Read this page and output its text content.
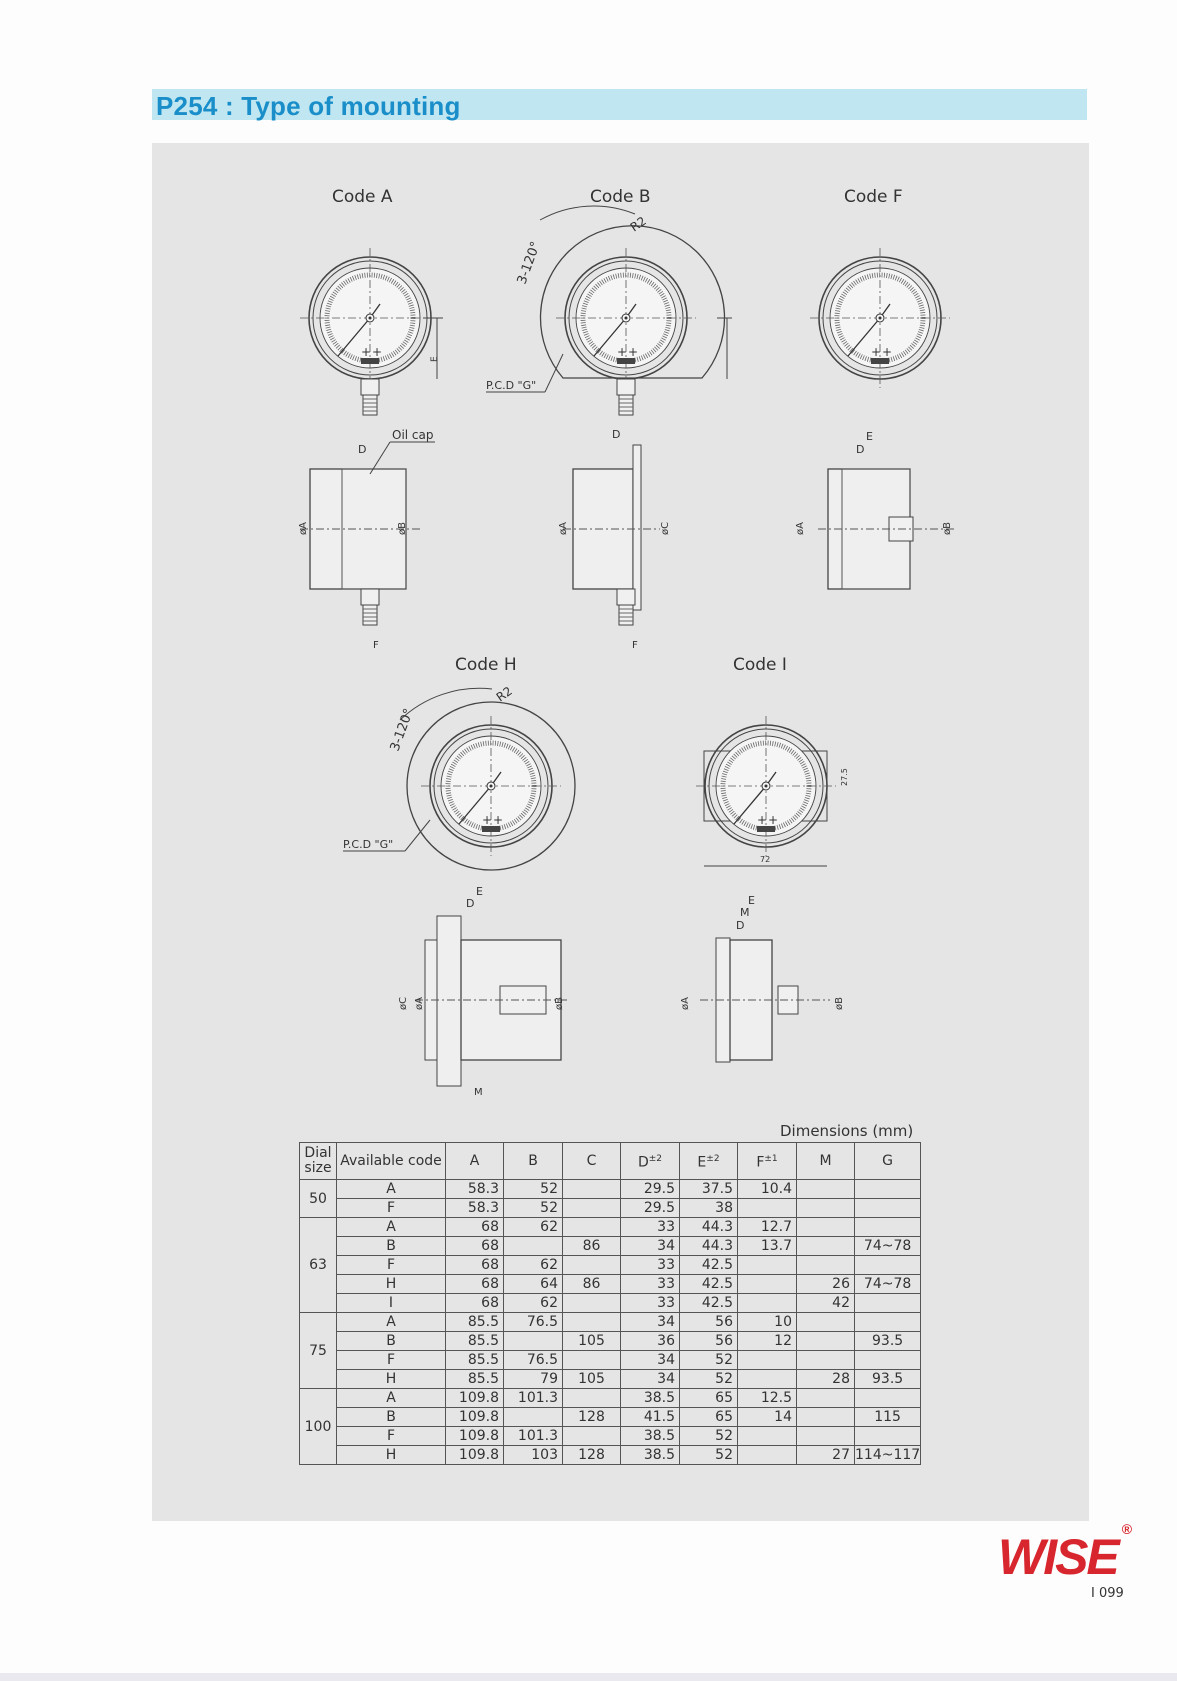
P254 : Type of mounting
+
Code A	Code B	Code F
Code H	Code I
E
3-120°
R2
P.C.D "G"
D
Oil cap
øA	øB
F
D
øA	øC
F
D
E
øA	øB
3-120°
R2
P.C.D "G"
72
27.5
E
D
øC øA	øB
M
E
M
D
øA	øB
Dimensions (mm)
Dial size	Available code	A	B	C	$D^{\pm 2}$	$E^{\pm 2}$	$F^{\pm 1}$	M	G
50	A	58.3	52		29.5	37.5	10.4		
	F	58.3	52		29.5	38			
63	A	68	62		33	44.3	12.7		
	B	68		86	34	44.3	13.7		74~78
	F	68	62		33	42.5			
	H	68	64	86	33	42.5		26	74~78
	I	68	62		33	42.5		42	
75	A	85.5	76.5		34	56	10		
	B	85.5		105	36	56	12		93.5
	F	85.5	76.5		34	52			
	H	85.5	79	105	34	52		28	93.5
100	A	109.8	101.3		38.5	65	12.5		
	B	109.8		128	41.5	65	14		115
	F	109.8	101.3		38.5	52			
	H	109.8	103	128	38.5	52		27	114~117
WISE ®
I 099
